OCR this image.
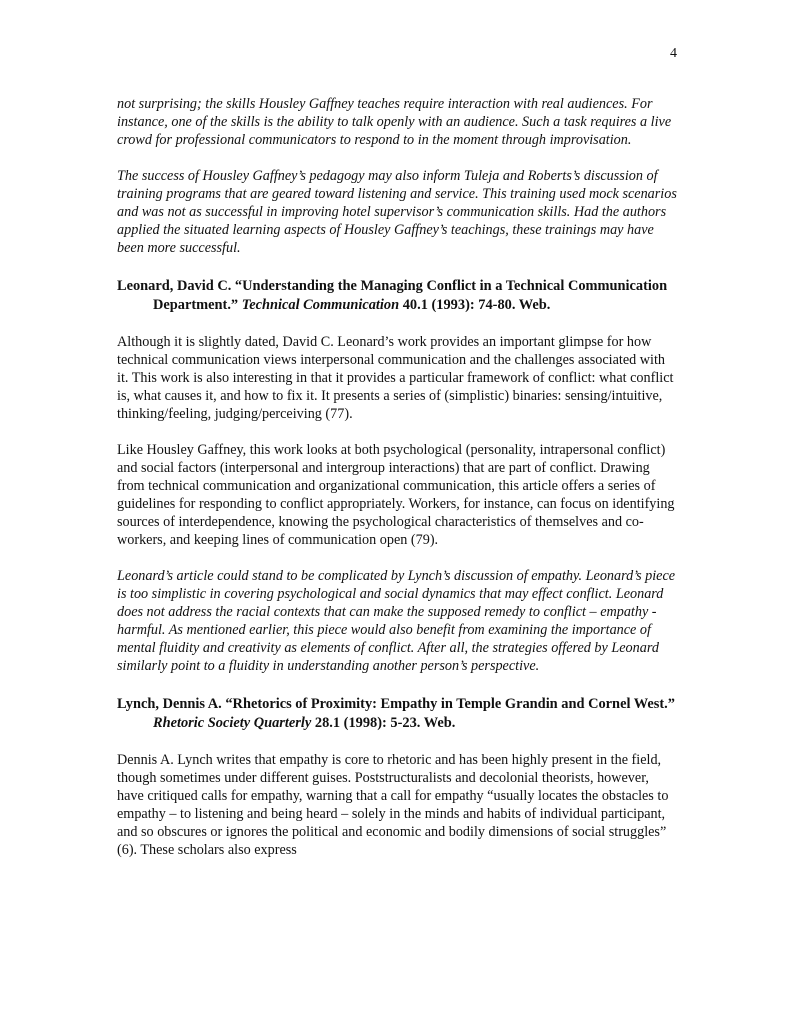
4

not surprising; the skills Housley Gaffney teaches require interaction with real audiences. For instance, one of the skills is the ability to talk openly with an audience. Such a task requires a live crowd for professional communicators to respond to in the moment through improvisation.

The success of Housley Gaffney’s pedagogy may also inform Tuleja and Roberts’s discussion of training programs that are geared toward listening and service. This training used mock scenarios and was not as successful in improving hotel supervisor’s communication skills. Had the authors applied the situated learning aspects of Housley Gaffney’s teachings, these trainings may have been more successful.

Leonard, David C. “Understanding the Managing Conflict in a Technical Communication Department.” Technical Communication 40.1 (1993): 74-80. Web.

Although it is slightly dated, David C. Leonard’s work provides an important glimpse for how technical communication views interpersonal communication and the challenges associated with it. This work is also interesting in that it provides a particular framework of conflict: what conflict is, what causes it, and how to fix it. It presents a series of (simplistic) binaries: sensing/intuitive, thinking/feeling, judging/perceiving (77).

Like Housley Gaffney, this work looks at both psychological (personality, intrapersonal conflict) and social factors (interpersonal and intergroup interactions) that are part of conflict. Drawing from technical communication and organizational communication, this article offers a series of guidelines for responding to conflict appropriately. Workers, for instance, can focus on identifying sources of interdependence, knowing the psychological characteristics of themselves and co-workers, and keeping lines of communication open (79).

Leonard’s article could stand to be complicated by Lynch’s discussion of empathy. Leonard’s piece is too simplistic in covering psychological and social dynamics that may effect conflict. Leonard does not address the racial contexts that can make the supposed remedy to conflict – empathy - harmful. As mentioned earlier, this piece would also benefit from examining the importance of mental fluidity and creativity as elements of conflict. After all, the strategies offered by Leonard similarly point to a fluidity in understanding another person’s perspective.

Lynch, Dennis A. “Rhetorics of Proximity: Empathy in Temple Grandin and Cornel West.” Rhetoric Society Quarterly 28.1 (1998): 5-23. Web.

Dennis A. Lynch writes that empathy is core to rhetoric and has been highly present in the field, though sometimes under different guises. Poststructuralists and decolonial theorists, however, have critiqued calls for empathy, warning that a call for empathy “usually locates the obstacles to empathy – to listening and being heard – solely in the minds and habits of individual participant, and so obscures or ignores the political and economic and bodily dimensions of social struggles” (6). These scholars also express
